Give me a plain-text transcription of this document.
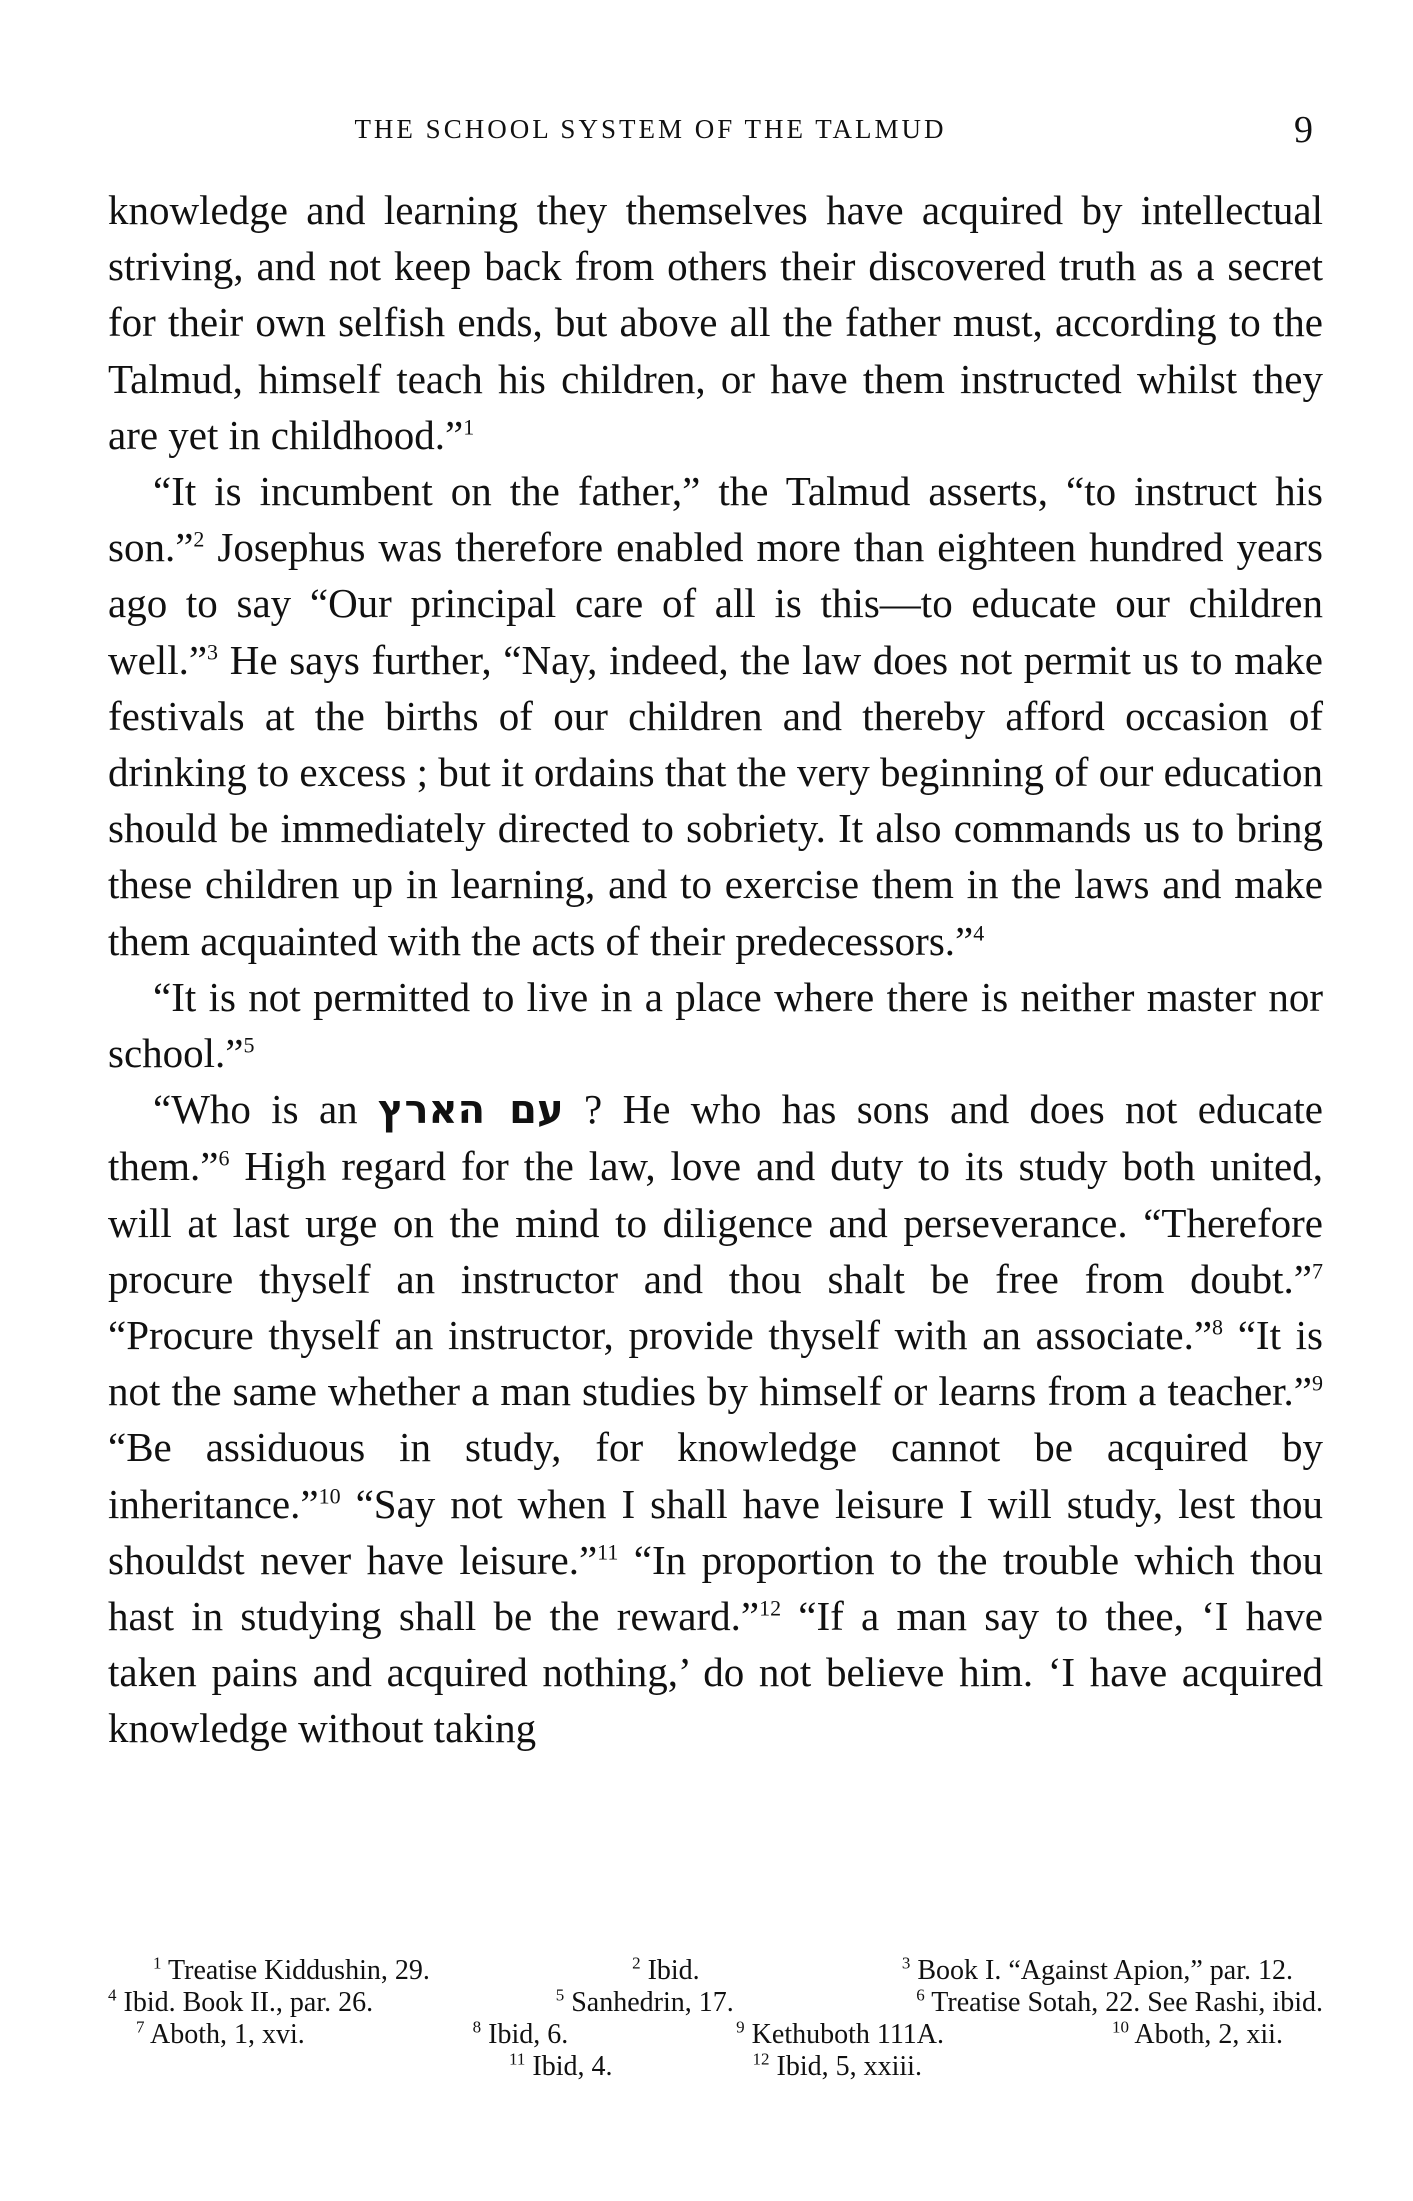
THE SCHOOL SYSTEM OF THE TALMUD	9

knowledge and learning they themselves have acquired by intellectual striving, and not keep back from others their discovered truth as a secret for their own selfish ends, but above all the father must, according to the Talmud, himself teach his children, or have them instructed whilst they are yet in childhood.”$^1$

“It is incumbent on the father,” the Talmud asserts, “to instruct his son.”$^2$ Josephus was therefore enabled more than eighteen hundred years ago to say “Our principal care of all is this—to educate our children well.”$^3$ He says further, “Nay, indeed, the law does not permit us to make festivals at the births of our children and thereby afford occasion of drinking to excess ; but it ordains that the very beginning of our education should be immediately directed to sobriety. It also commands us to bring these children up in learning, and to exercise them in the laws and make them acquainted with the acts of their predecessors.”$^4$

“It is not permitted to live in a place where there is neither master nor school.”$^5$

“Who is an עם הארץ ? He who has sons and does not educate them.”$^6$ High regard for the law, love and duty to its study both united, will at last urge on the mind to diligence and perseverance. “Therefore procure thyself an instructor and thou shalt be free from doubt.”$^7$ “Procure thyself an instructor, provide thyself with an associate.”$^8$ “It is not the same whether a man studies by himself or learns from a teacher.”$^9$ “Be assiduous in study, for knowledge cannot be acquired by inheritance.”$^{10}$ “Say not when I shall have leisure I will study, lest thou shouldst never have leisure.”$^{11}$ “In proportion to the trouble which thou hast in studying shall be the reward.”$^{12}$ “If a man say to thee, ‘I have taken pains and acquired nothing,’ do not believe him. ‘I have acquired knowledge without taking

$^1$ Treatise Kiddushin, 29.	$^2$ Ibid.	$^3$ Book I. “Against Apion,” par. 12.
$^4$ Ibid. Book II., par. 26.	$^5$ Sanhedrin, 17.	$^6$ Treatise Sotah, 22. See Rashi, ibid.
$^7$ Aboth, 1, xvi.	$^8$ Ibid, 6.	$^9$ Kethuboth 111A.	$^{10}$ Aboth, 2, xii.
$^{11}$ Ibid, 4.	$^{12}$ Ibid, 5, xxiii.
